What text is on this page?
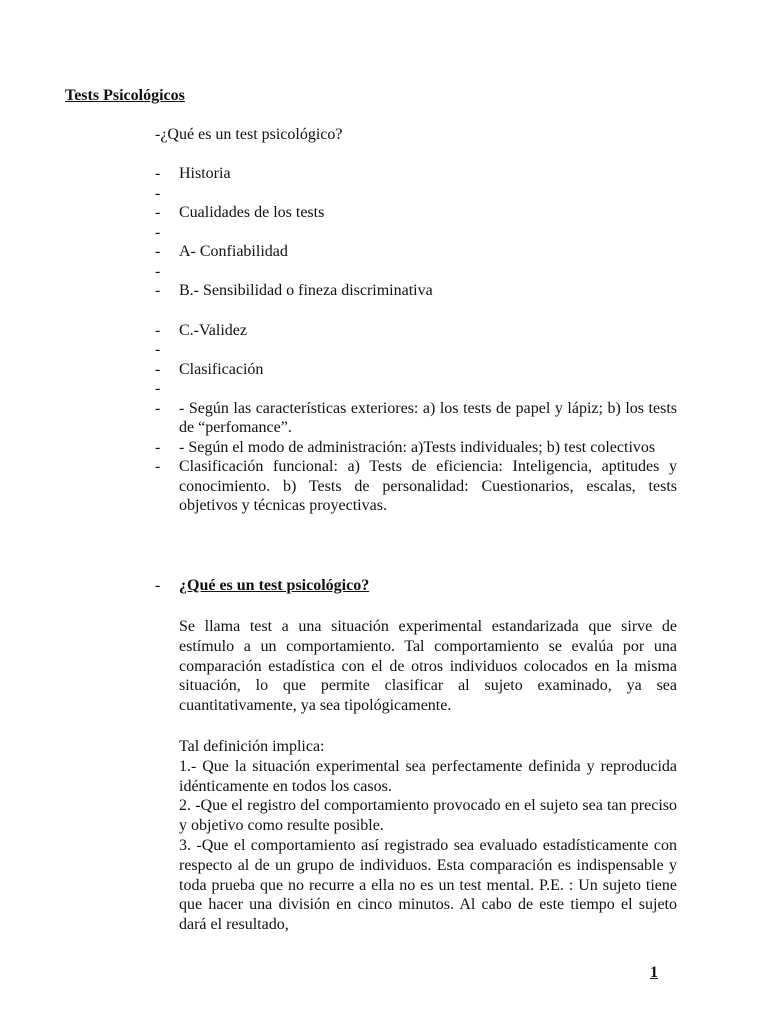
Tests Psicológicos
-¿Qué es un test psicológico?
- Historia
-
- Cualidades de los tests
-
- A- Confiabilidad
-
- B.- Sensibilidad o fineza discriminativa
- C.-Validez
-
- Clasificación
-
- - Según las características exteriores: a) los tests de papel y lápiz; b) los tests de “perfomance”.
- - Según el modo de administración: a)Tests individuales; b) test colectivos
- Clasificación funcional: a) Tests de eficiencia: Inteligencia, aptitudes y conocimiento. b) Tests de personalidad: Cuestionarios, escalas, tests objetivos y técnicas proyectivas.
- ¿Qué es un test psicológico?
Se llama test a una situación experimental estandarizada que sirve de estímulo a un comportamiento. Tal comportamiento se evalúa por una comparación estadística con el de otros individuos colocados en la misma situación, lo que permite clasificar al sujeto examinado, ya sea cuantitativamente, ya sea tipológicamente.
Tal definición implica:
1.- Que la situación experimental sea perfectamente definida y reproducida idénticamente en todos los casos.
2. -Que el registro del comportamiento provocado en el sujeto sea tan preciso y objetivo como resulte posible.
3. -Que el comportamiento así registrado sea evaluado estadísticamente con respecto al de un grupo de individuos. Esta comparación es indispensable y toda prueba que no recurre a ella no es un test mental. P.E. : Un sujeto tiene que hacer una división en cinco minutos. Al cabo de este tiempo el sujeto dará el resultado,
1
